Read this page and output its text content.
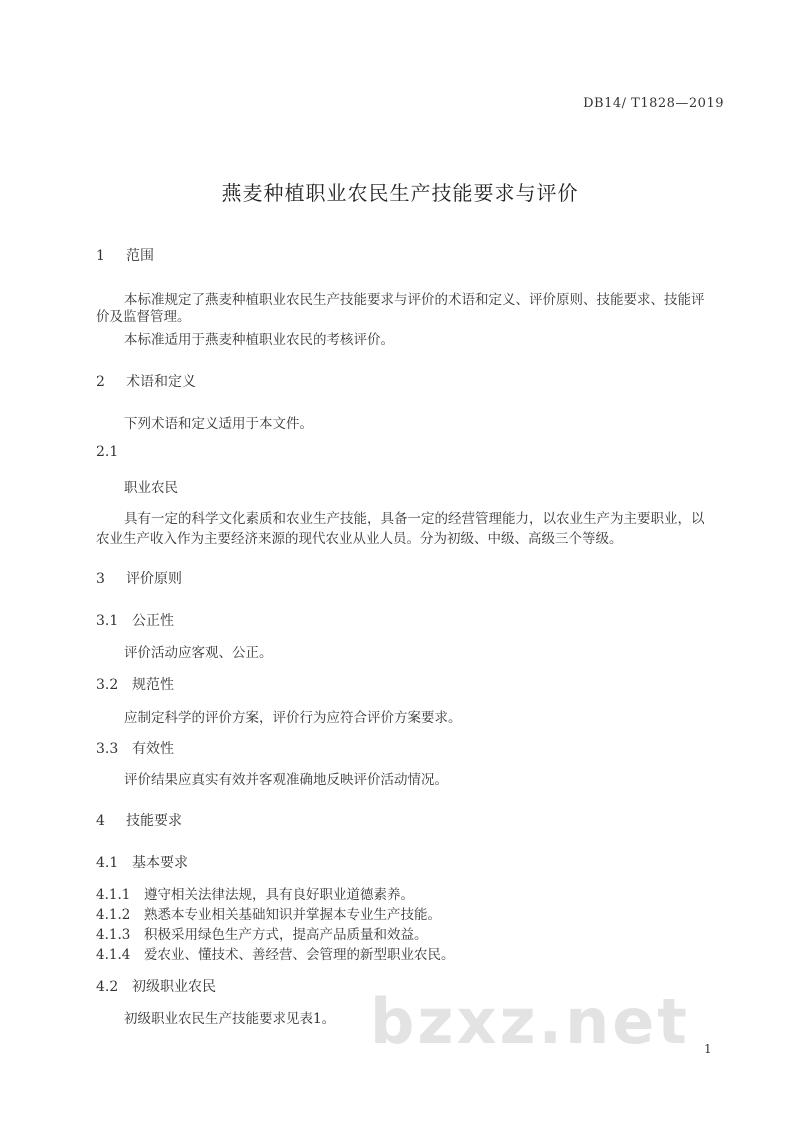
DB14/ T1828—2019
燕麦种植职业农民生产技能要求与评价
1 范围
本标准规定了燕麦种植职业农民生产技能要求与评价的术语和定义、评价原则、技能要求、技能评
价及监督管理。
本标准适用于燕麦种植职业农民的考核评价。
2 术语和定义
下列术语和定义适用于本文件。
2.1
职业农民
具有一定的科学文化素质和农业生产技能，具备一定的经营管理能力，以农业生产为主要职业，以
农业生产收入作为主要经济来源的现代农业从业人员。分为初级、中级、高级三个等级。
3 评价原则
3.1 公正性
评价活动应客观、公正。
3.2 规范性
应制定科学的评价方案，评价行为应符合评价方案要求。
3.3 有效性
评价结果应真实有效并客观准确地反映评价活动情况。
4 技能要求
4.1 基本要求
4.1.1 遵守相关法律法规，具有良好职业道德素养。
4.1.2 熟悉本专业相关基础知识并掌握本专业生产技能。
4.1.3 积极采用绿色生产方式，提高产品质量和效益。
4.1.4 爱农业、懂技术、善经营、会管理的新型职业农民。
4.2 初级职业农民
初级职业农民生产技能要求见表1。 bzxz.net 1
